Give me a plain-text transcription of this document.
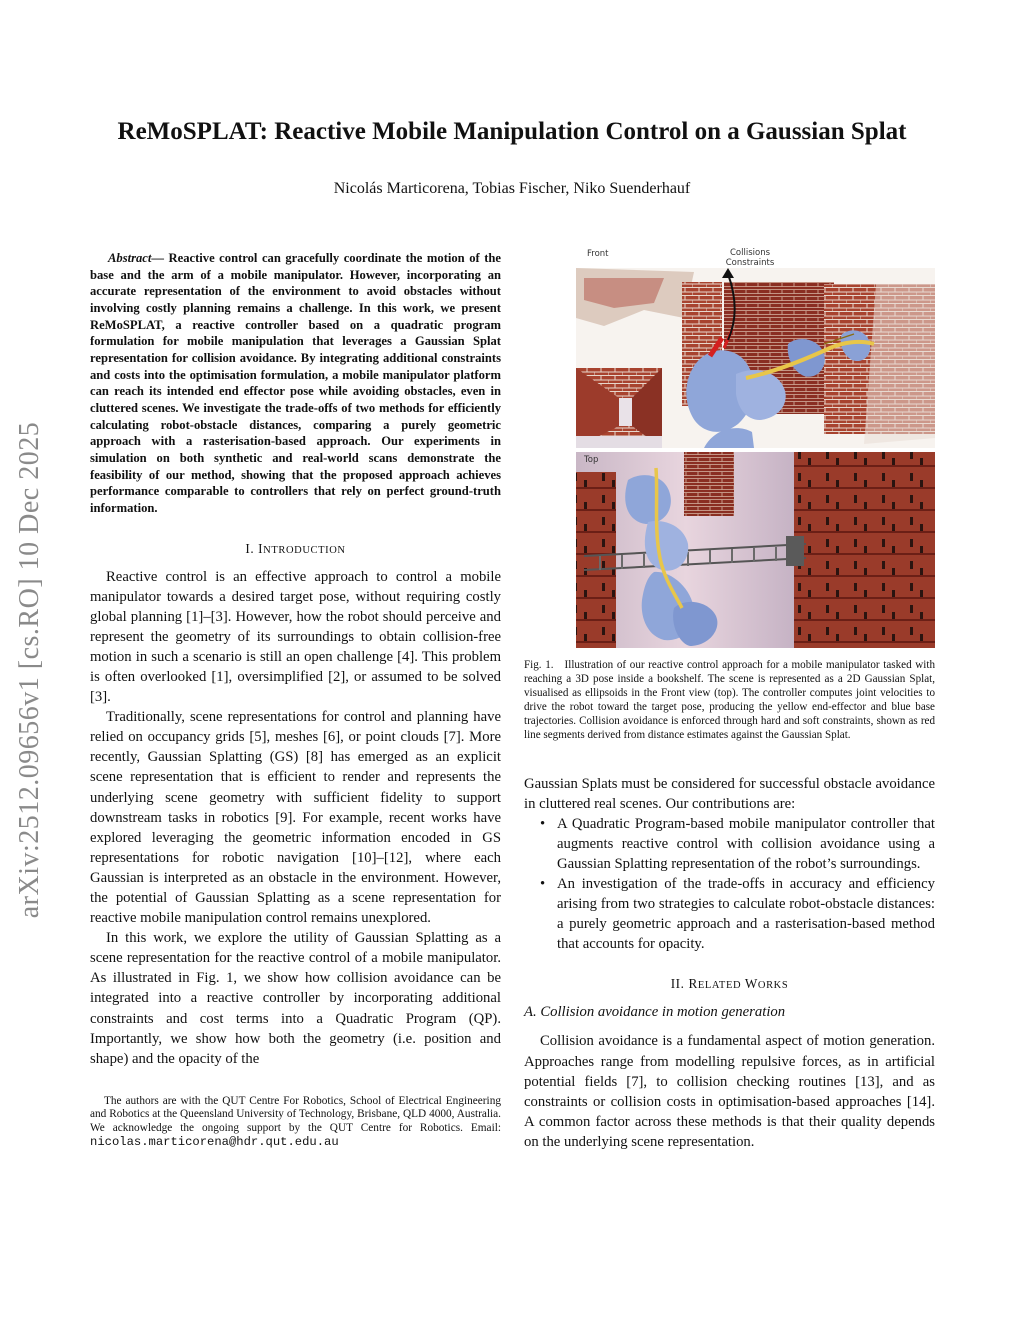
arXiv:2512.09656v1 [cs.RO] 10 Dec 2025
ReMoSPLAT: Reactive Mobile Manipulation Control on a Gaussian Splat
Nicolás Marticorena, Tobias Fischer, Niko Suenderhauf

Abstract— Reactive control can gracefully coordinate the motion of the base and the arm of a mobile manipulator. However, incorporating an accurate representation of the environment to avoid obstacles without involving costly planning remains a challenge. In this work, we present ReMoSPLAT, a reactive controller based on a quadratic program formulation for mobile manipulation that leverages a Gaussian Splat representation for collision avoidance. By integrating additional constraints and costs into the optimisation formulation, a mobile manipulator platform can reach its intended end effector pose while avoiding obstacles, even in cluttered scenes. We investigate the trade-offs of two methods for efficiently calculating robot-obstacle distances, comparing a purely geometric approach with a rasterisation-based approach. Our experiments in simulation on both synthetic and real-world scans demonstrate the feasibility of our method, showing that the proposed approach achieves performance comparable to controllers that rely on perfect ground-truth information.

I. INTRODUCTION

Reactive control is an effective approach to control a mobile manipulator towards a desired target pose, without requiring costly global planning [1]–[3]. However, how the robot should perceive and represent the geometry of its surroundings to obtain collision-free motion in such a scenario is still an open challenge [4]. This problem is often overlooked [1], oversimplified [2], or assumed to be solved [3].

Traditionally, scene representations for control and planning have relied on occupancy grids [5], meshes [6], or point clouds [7]. More recently, Gaussian Splatting (GS) [8] has emerged as an explicit scene representation that is efficient to render and represents the underlying scene geometry with sufficient fidelity to support downstream tasks in robotics [9]. For example, recent works have explored leveraging the geometric information encoded in GS representations for robotic navigation [10]–[12], where each Gaussian is interpreted as an obstacle in the environment. However, the potential of Gaussian Splatting as a scene representation for reactive mobile manipulation control remains unexplored.

In this work, we explore the utility of Gaussian Splatting as a scene representation for the reactive control of a mobile manipulator. As illustrated in Fig. 1, we show how collision avoidance can be integrated into a reactive controller by incorporating additional constraints and cost terms into a Quadratic Program (QP). Importantly, we show how both the geometry (i.e. position and shape) and the opacity of the

The authors are with the QUT Centre For Robotics, School of Electrical Engineering and Robotics at the Queensland University of Technology, Brisbane, QLD 4000, Australia. We acknowledge the ongoing support by the QUT Centre for Robotics. Email: nicolas.marticorena@hdr.qut.edu.au
Front	Collisions
Constraints
Top

Fig. 1. Illustration of our reactive control approach for a mobile manipulator tasked with reaching a 3D pose inside a bookshelf. The scene is represented as a 2D Gaussian Splat, visualised as ellipsoids in the Front view (top). The controller computes joint velocities to drive the robot toward the target pose, producing the yellow end-effector and blue base trajectories. Collision avoidance is enforced through hard and soft constraints, shown as red line segments derived from distance estimates against the Gaussian Splat.

Gaussian Splats must be considered for successful obstacle avoidance in cluttered real scenes. Our contributions are:

• A Quadratic Program-based mobile manipulator controller that augments reactive control with collision avoidance using a Gaussian Splatting representation of the robot’s surroundings.
• An investigation of the trade-offs in accuracy and efficiency arising from two strategies to calculate robot-obstacle distances: a purely geometric approach and a rasterisation-based method that accounts for opacity.
II. RELATED WORKS
A. Collision avoidance in motion generation

Collision avoidance is a fundamental aspect of motion generation. Approaches range from modelling repulsive forces, as in artificial potential fields [7], to collision checking routines [13], and as constraints or collision costs in optimisation-based approaches [14]. A common factor across these methods is that their quality depends on the underlying scene representation.
